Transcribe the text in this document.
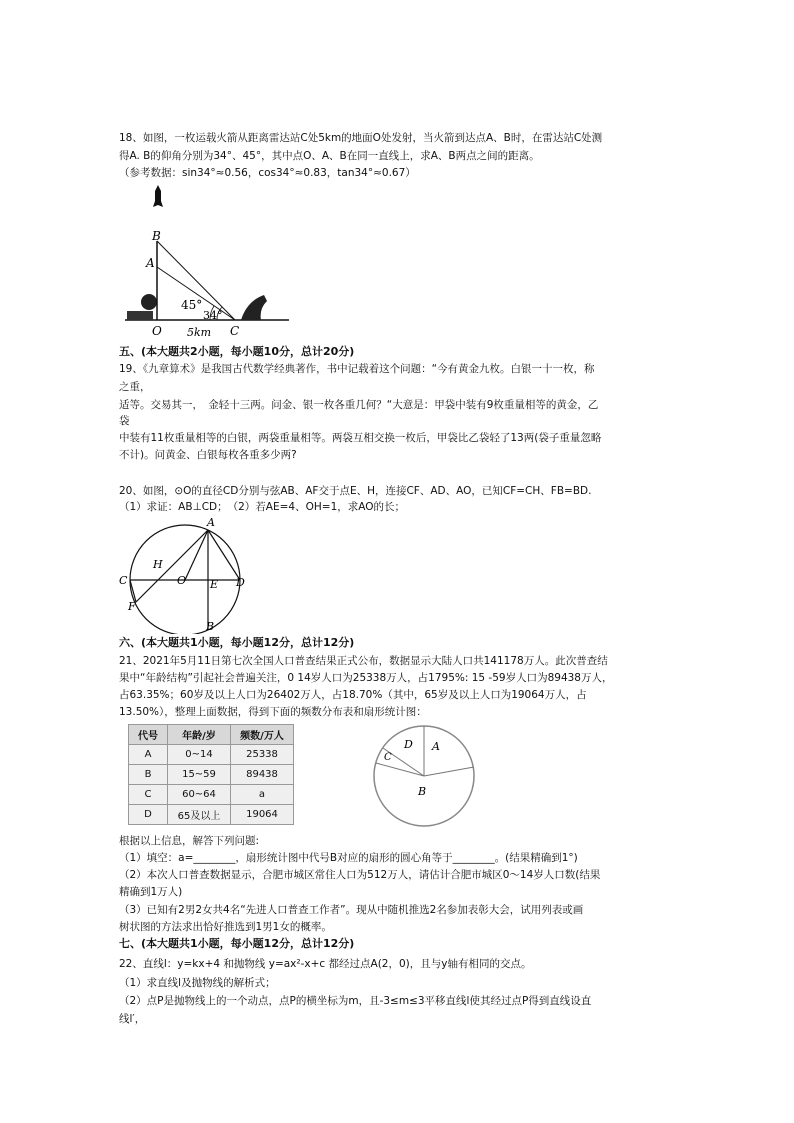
18、如图，一枚运载火箭从距离雷达站C处5km的地面O处发射，当火箭到达点A、B时，在雷达站C处测
得A. B的仰角分别为34°、45°，其中点O、A、B在同一直线上，求A、B两点之间的距离。
（参考数据：sin34°≈0.56，cos34°≈0.83，tan34°≈0.67）
B
A
45°
34°
O 5km C
五、(本大题共2小题，每小题10分，总计20分)
19、《九章算术》是我国古代数学经典著作，书中记载着这个问题：“今有黄金九枚。白银一十一枚，称
之重，
适等。交易其一，　金轻十三两。问金、银一枚各重几何？“大意是：甲袋中装有9枚重量相等的黄金，乙
袋
中装有11枚重量相等的白银，两袋重量相等。两袋互相交换一枚后，甲袋比乙袋轻了13两(袋子重量忽略
不计)。问黄金、白银每枚各重多少两?
20、如图，⊙O的直径CD分别与弦AB、AF交于点E、H，连接CF、AD、AO，已知CF=CH、FB=BD.
（1）求证：AB⊥CD；　（2）若AE=4、OH=1，求AO的长；
A
H
C	O E D
F
B
六、(本大题共1小题，每小题12分，总计12分)
21、2021年5月11日第七次全国人口普查结果正式公布，数据显示大陆人口共141178万人。此次普查结
果中“年龄结构”引起社会普遍关注，0 14岁人口为25338万人，占1795%: 15 -59岁人口为89438万人，
占63.35%；60岁及以上人口为26402万人，占18.70%（其中，65岁及以上人口为19064万人，占
13.50%），整理上面数据，得到下面的频数分布表和扇形统计图：
代号	年龄/岁	频数/万人
A	0~14	25338
B	15~59	89438
C	60~64	a
D	65及以上	19064
A
B
C
D
根据以上信息，解答下列问题:
（1）填空：a=________，扇形统计图中代号B对应的扇形的圆心角等于________。(结果精确到1°)
（2）本次人口普查数据显示，合肥市城区常住人口为512万人，请估计合肥市城区0～14岁人口数(结果
精确到1万人)
（3）已知有2男2女共4名“先进人口普查工作者”。现从中随机推选2名参加表彰大会，试用列表或画
树状图的方法求出恰好推选到1男1女的概率。
七、(本大题共1小题，每小题12分，总计12分)
22、直线l：y=kx+4 和抛物线 y=ax²-x+c 都经过点A(2，0)，且与y轴有相同的交点。
（1）求直线l及抛物线的解析式；
（2）点P是抛物线上的一个动点，点P的横坐标为m，且-3≤m≤3平移直线l使其经过点P得到直线设直
线l′，
